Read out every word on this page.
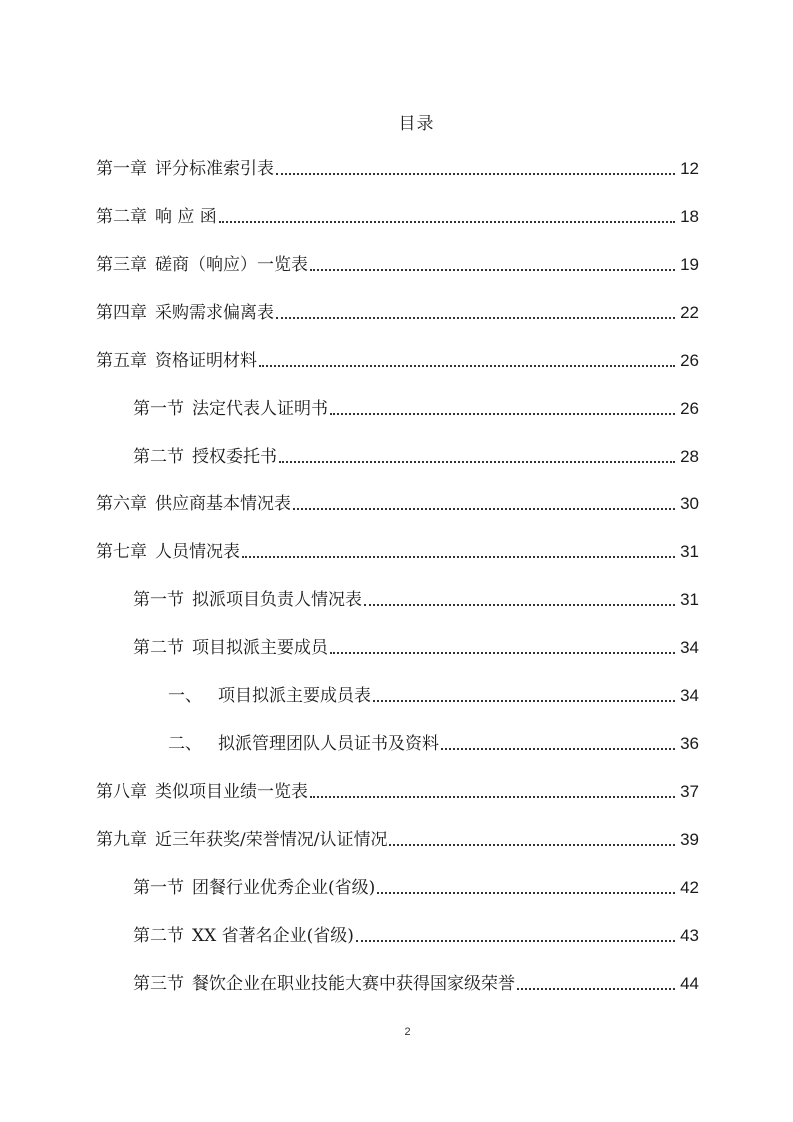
目录
第一章 评分标准索引表	12
第二章 响 应 函	18
第三章 磋商（响应）一览表	19
第四章 采购需求偏离表	22
第五章 资格证明材料	26
第一节 法定代表人证明书	26
第二节 授权委托书	28
第六章 供应商基本情况表	30
第七章 人员情况表	31
第一节 拟派项目负责人情况表	31
第二节 项目拟派主要成员	34
一、 项目拟派主要成员表	34
二、 拟派管理团队人员证书及资料	36
第八章 类似项目业绩一览表	37
第九章 近三年获奖/荣誉情况/认证情况	39
第一节 团餐行业优秀企业(省级)	42
第二节 XX 省著名企业(省级)	43
第三节 餐饮企业在职业技能大赛中获得国家级荣誉	44
2
